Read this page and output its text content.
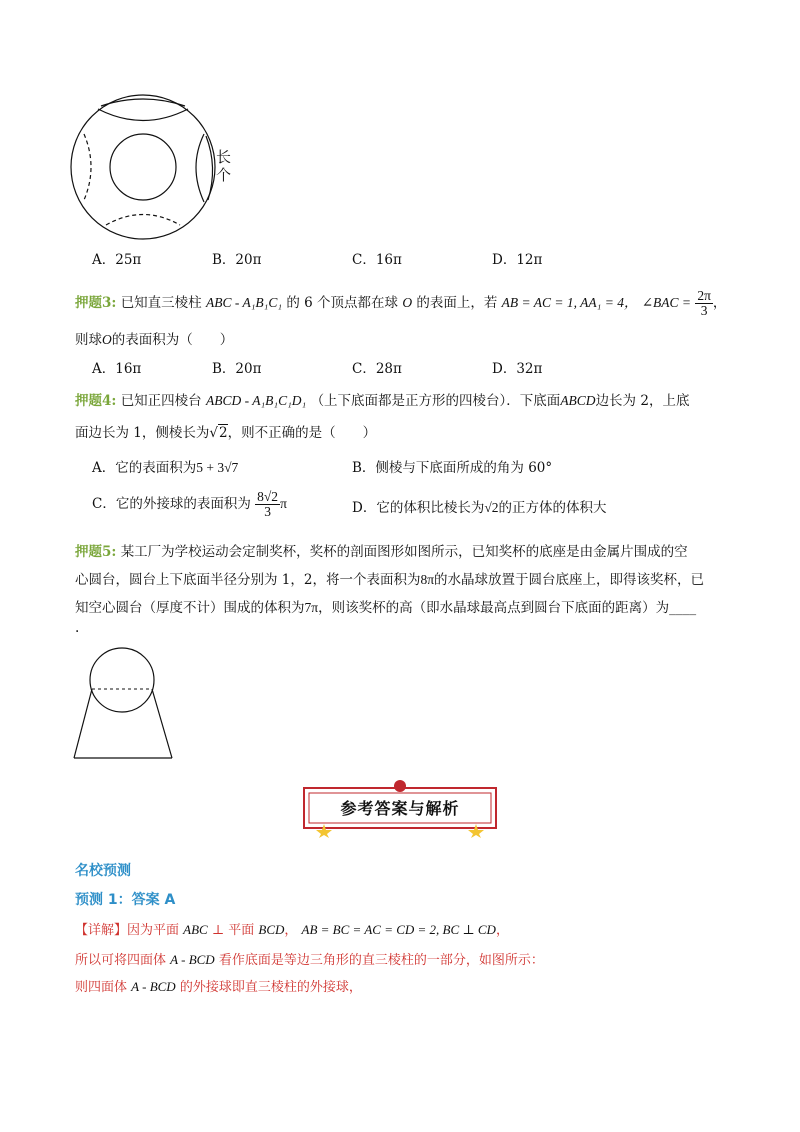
长
个
A．25π	B．20π	C．16π	D．12π
押题3: 已知直三棱柱 ABC - A₁B₁C₁ 的 6 个顶点都在球 O 的表面上，若 AB = AC = 1, AA₁ = 4， ∠BAC = $\frac{2\pi}{3}$ ，
则球O的表面积为（　　）
A．16π	B．20π	C．28π	D．32π
押题4: 已知正四棱台 ABCD - A₁B₁C₁D₁ （上下底面都是正方形的四棱台）．下底面ABCD边长为 2，上底
面边长为 1，侧棱长为√2，则不正确的是（　　）
A．它的表面积为5 + 3√7	B．侧棱与下底面所成的角为 60°
C．它的外接球的表面积为 $\frac{8√2}{3}$ π	D．它的体积比棱长为√2的正方体的体积大
押题5: 某工厂为学校运动会定制奖杯，奖杯的剖面图形如图所示，已知奖杯的底座是由金属片围成的空
心圆台，圆台上下底面半径分别为 1，2，将一个表面积为8π的水晶球放置于圆台底座上，即得该奖杯，已
知空心圆台（厚度不计）围成的体积为7π，则该奖杯的高（即水晶球最高点到圆台下底面的距离）为____
.
参考答案与解析
名校预测
预测 1：答案 A
【详解】因为平面 ABC ⊥ 平面 BCD， AB = BC = AC = CD = 2, BC ⊥ CD，
所以可将四面体 A - BCD 看作底面是等边三角形的直三棱柱的一部分，如图所示：
则四面体 A - BCD 的外接球即直三棱柱的外接球，
